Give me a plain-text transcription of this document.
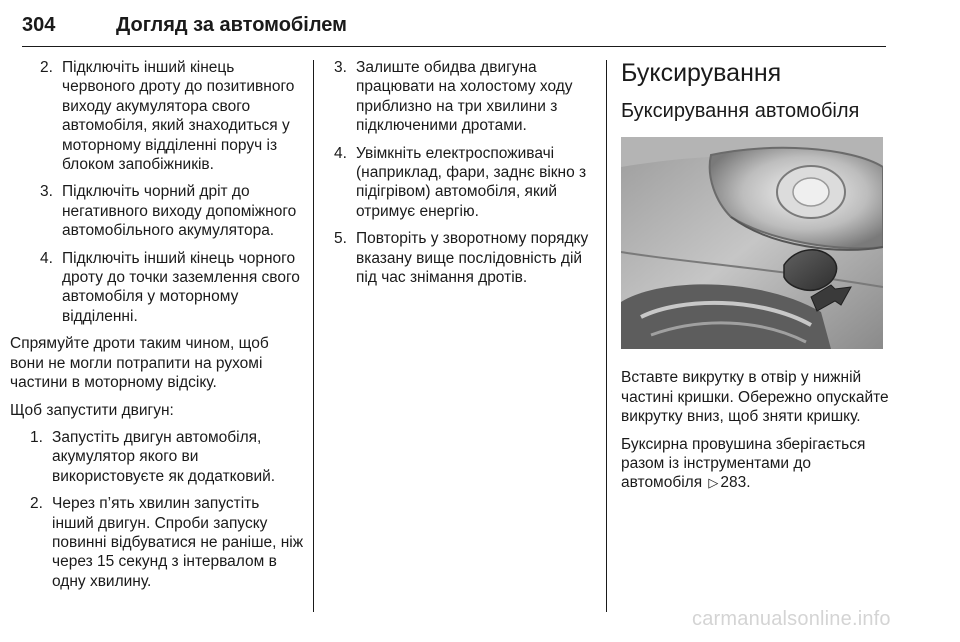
304	Догляд за автомобілем
2. Підключіть інший кінець червоного дроту до позитивного виходу акумулятора свого автомобіля, який знаходиться у моторному відділенні поруч із блоком запобіжників.
3. Підключіть чорний дріт до негативного виходу допоміжного автомобільного акумулятора.
4. Підключіть інший кінець чорного дроту до точки заземлення свого автомобіля у моторному відділенні.

Спрямуйте дроти таким чином, щоб вони не могли потрапити на рухомі частини в моторному відсіку.

Щоб запустити двигун:

1. Запустіть двигун автомобіля, акумулятор якого ви використовуєте як додатковий.
2. Через п’ять хвилин запустіть інший двигун. Спроби запуску повинні відбуватися не раніше, ніж через 15 секунд з інтервалом в одну хвилину.
3. Залиште обидва двигуна працювати на холостому ходу приблизно на три хвилини з підключеними дротами.
4. Увімкніть електроспоживачі (наприклад, фари, заднє вікно з підігрівом) автомобіля, який отримує енергію.
5. Повторіть у зворотному порядку вказану вище послідовність дій під час знімання дротів.
Буксирування
Буксирування автомобіля

Вставте викрутку в отвір у нижній частині кришки. Обережно опускайте викрутку вниз, щоб зняти кришку.

Буксирна провушина зберігається разом із інструментами до автомобіля ▷ 283.

carmanualsonline.info
